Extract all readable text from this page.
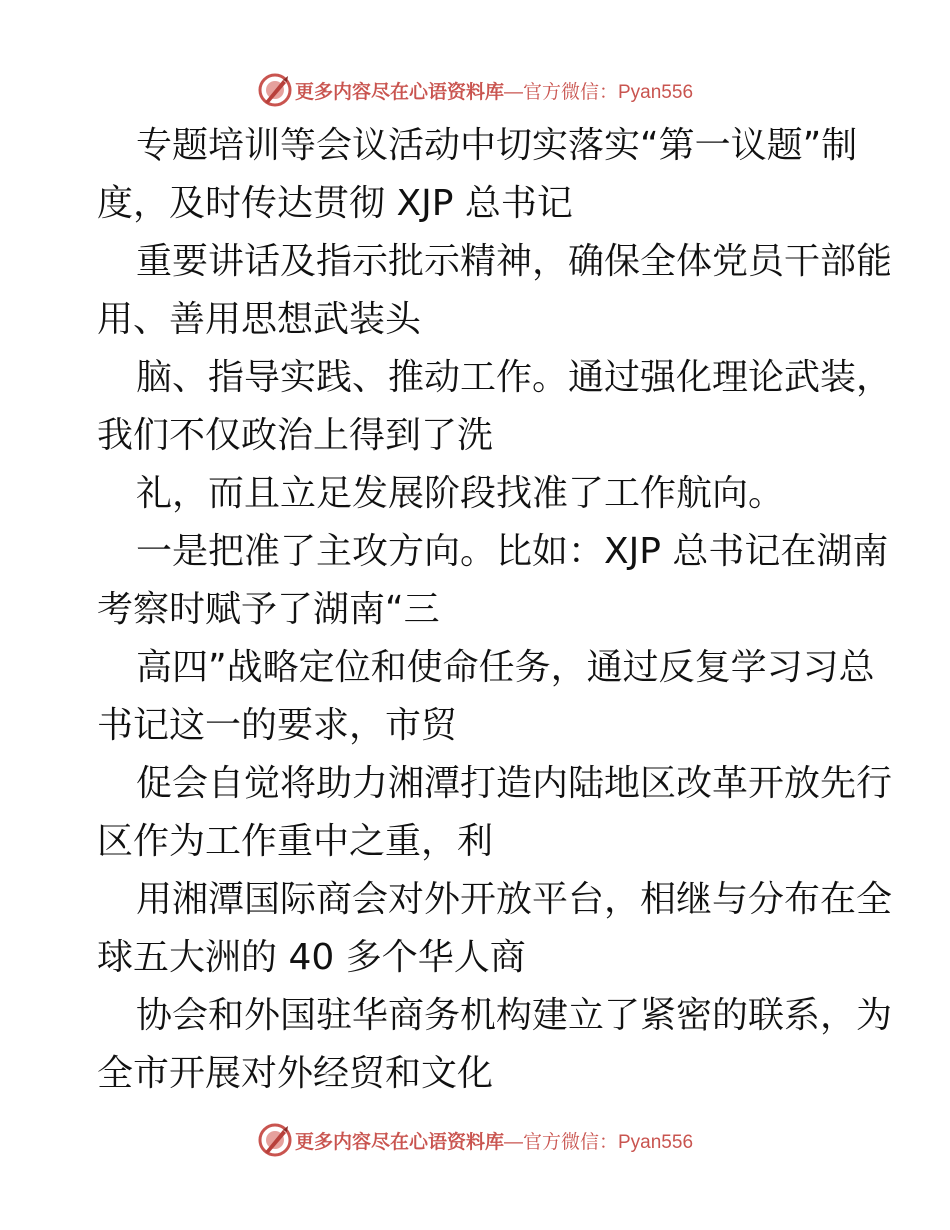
更多内容尽在心语资料库 —官方微信：Pyan556
专题培训等会议活动中切实落实“第一议题”制
度，及时传达贯彻 XJP 总书记
重要讲话及指示批示精神，确保全体党员干部能
用、善用思想武装头
脑、指导实践、推动工作。通过强化理论武装，
我们不仅政治上得到了洗
礼，而且立足发展阶段找准了工作航向。
一是把准了主攻方向。比如：XJP 总书记在湖南
考察时赋予了湖南“三
高四”战略定位和使命任务，通过反复学习习总
书记这一的要求，市贸
促会自觉将助力湘潭打造内陆地区改革开放先行
区作为工作重中之重，利
用湘潭国际商会对外开放平台，相继与分布在全
球五大洲的 40 多个华人商
协会和外国驻华商务机构建立了紧密的联系，为
全市开展对外经贸和文化
更多内容尽在心语资料库 —官方微信：Pyan556
